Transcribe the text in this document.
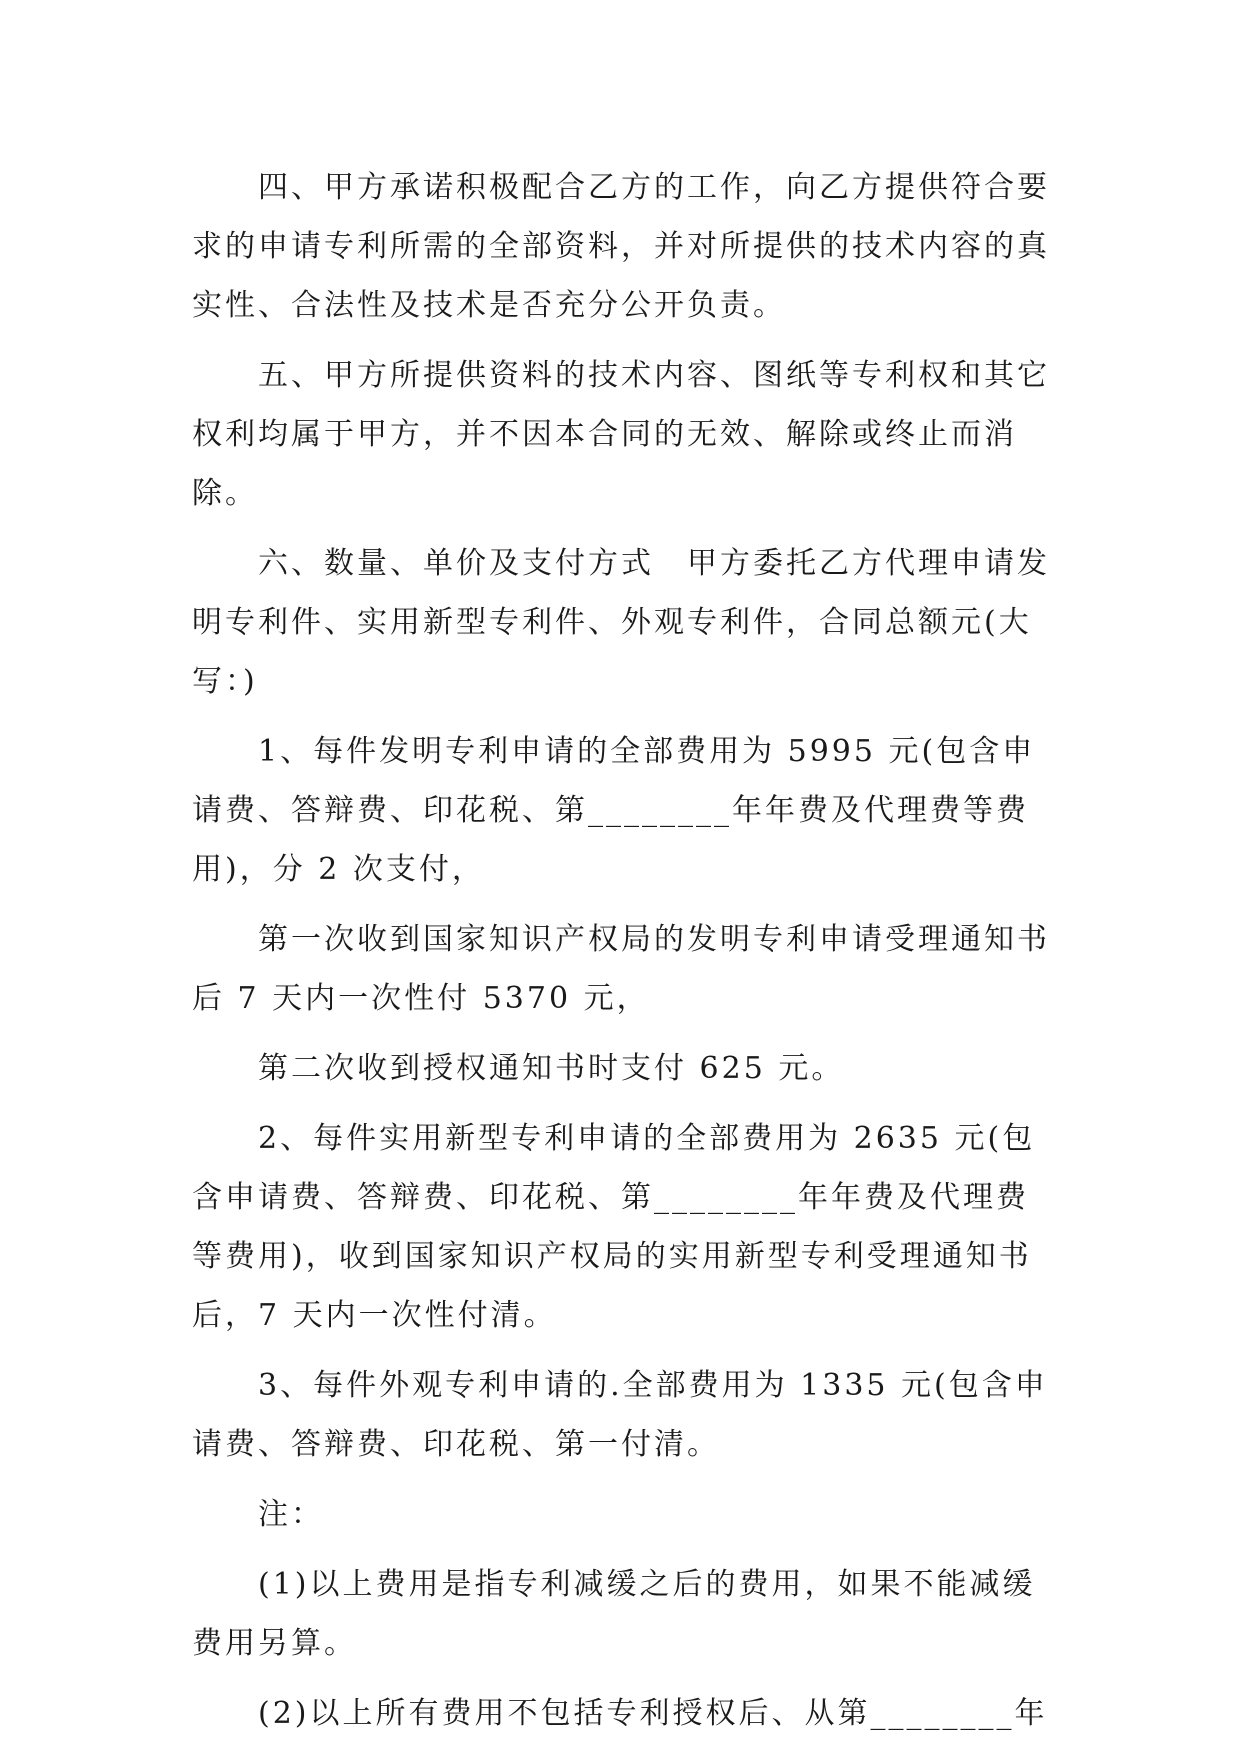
四、甲方承诺积极配合乙方的工作，向乙方提供符合要求的申请专利所需的全部资料，并对所提供的技术内容的真实性、合法性及技术是否充分公开负责。

五、甲方所提供资料的技术内容、图纸等专利权和其它权利均属于甲方，并不因本合同的无效、解除或终止而消除。

六、数量、单价及支付方式　甲方委托乙方代理申请发明专利件、实用新型专利件、外观专利件，合同总额元(大写：)

1、每件发明专利申请的全部费用为 5995 元(包含申请费、答辩费、印花税、第________年年费及代理费等费用)，分 2 次支付，

第一次收到国家知识产权局的发明专利申请受理通知书后 7 天内一次性付 5370 元，

第二次收到授权通知书时支付 625 元。

2、每件实用新型专利申请的全部费用为 2635 元(包含申请费、答辩费、印花税、第________年年费及代理费等费用)，收到国家知识产权局的实用新型专利受理通知书后，7 天内一次性付清。

3、每件外观专利申请的.全部费用为 1335 元(包含申请费、答辩费、印花税、第一付清。

注：

(1)以上费用是指专利减缓之后的费用，如果不能减缓费用另算。

(2)以上所有费用不包括专利授权后、从第________年
